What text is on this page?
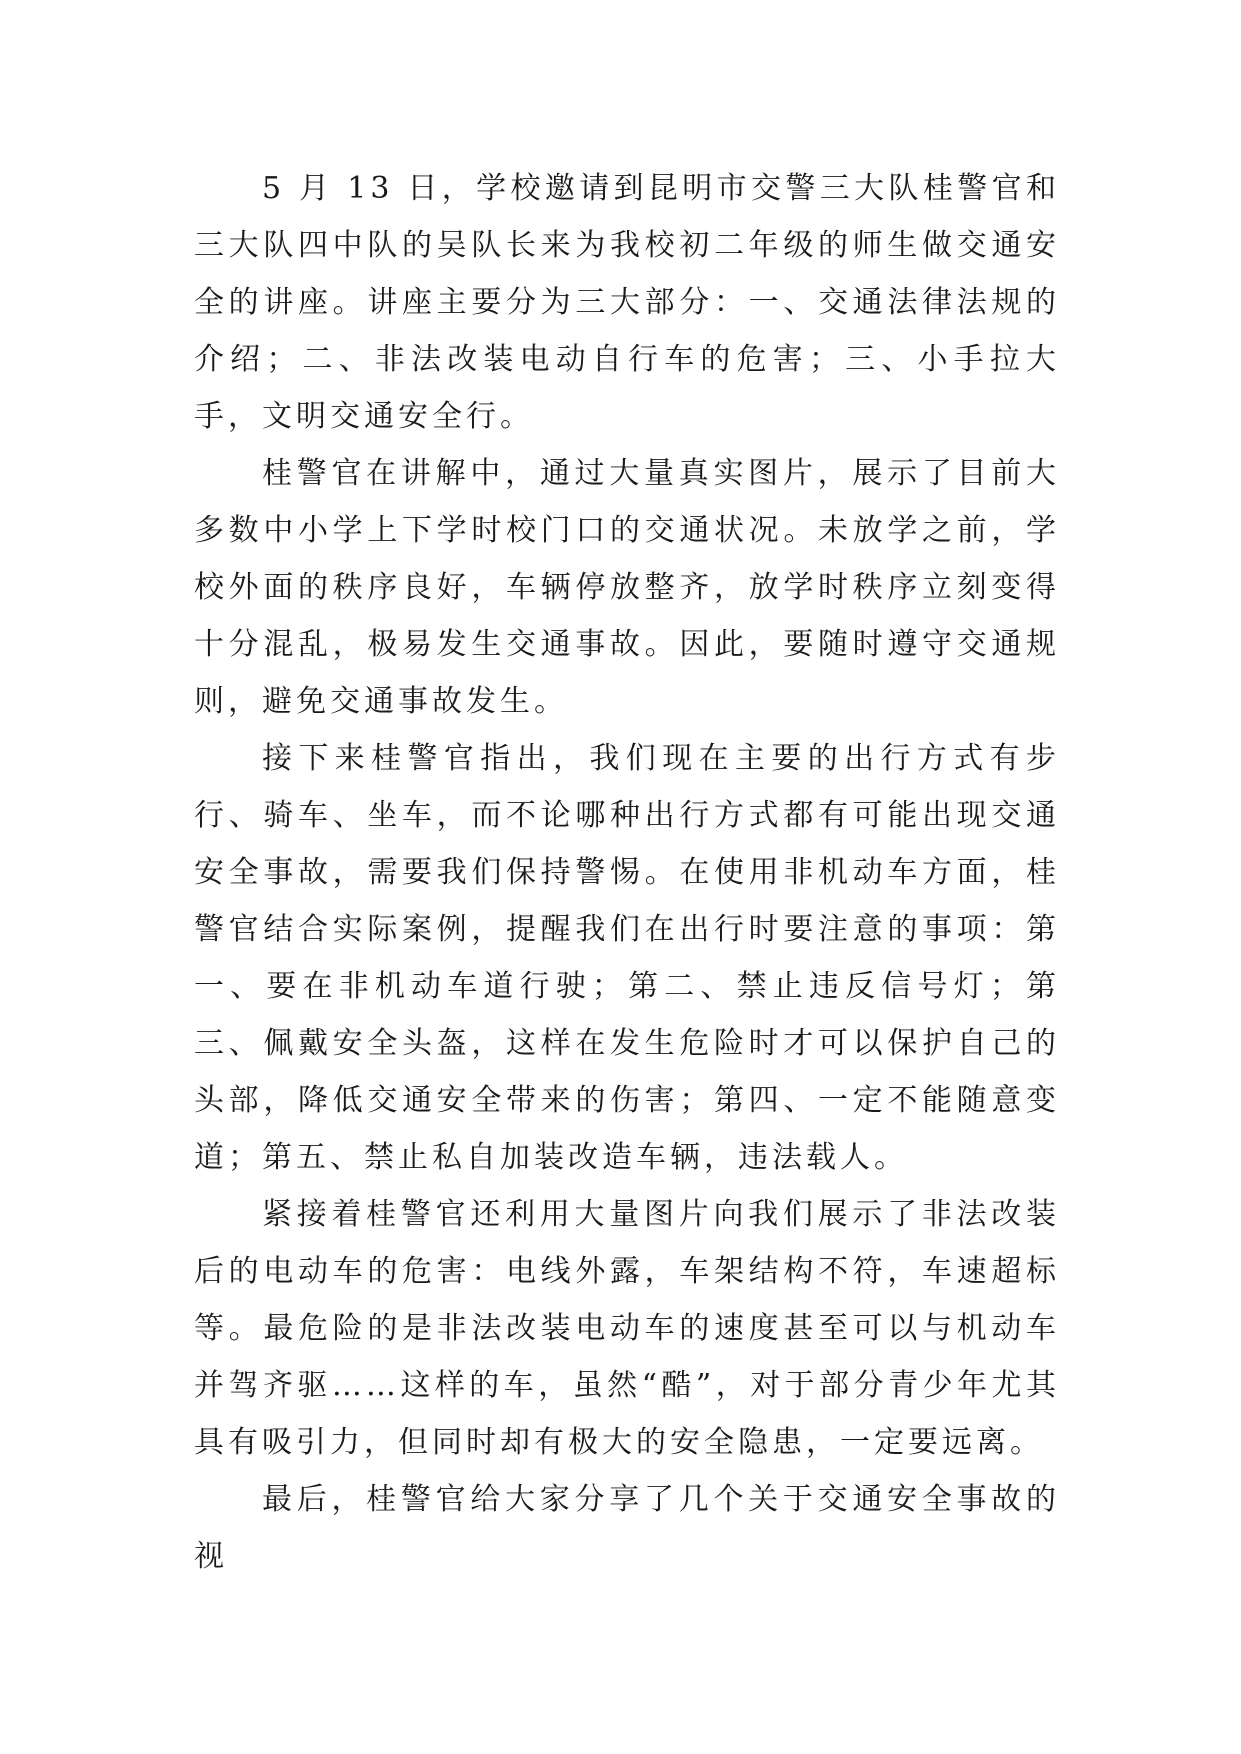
5 月 13 日，学校邀请到昆明市交警三大队桂警官和三大队四中队的吴队长来为我校初二年级的师生做交通安全的讲座。讲座主要分为三大部分：一、交通法律法规的介绍；二、非法改装电动自行车的危害；三、小手拉大手，文明交通安全行。

桂警官在讲解中，通过大量真实图片，展示了目前大多数中小学上下学时校门口的交通状况。未放学之前，学校外面的秩序良好，车辆停放整齐，放学时秩序立刻变得十分混乱，极易发生交通事故。因此，要随时遵守交通规则，避免交通事故发生。

接下来桂警官指出，我们现在主要的出行方式有步行、骑车、坐车，而不论哪种出行方式都有可能出现交通安全事故，需要我们保持警惕。在使用非机动车方面，桂警官结合实际案例，提醒我们在出行时要注意的事项：第一、要在非机动车道行驶；第二、禁止违反信号灯；第三、佩戴安全头盔，这样在发生危险时才可以保护自己的头部，降低交通安全带来的伤害；第四、一定不能随意变道；第五、禁止私自加装改造车辆，违法载人。

紧接着桂警官还利用大量图片向我们展示了非法改装后的电动车的危害：电线外露，车架结构不符，车速超标等。最危险的是非法改装电动车的速度甚至可以与机动车并驾齐驱……这样的车，虽然“酷”，对于部分青少年尤其具有吸引力，但同时却有极大的安全隐患，一定要远离。

最后，桂警官给大家分享了几个关于交通安全事故的视
